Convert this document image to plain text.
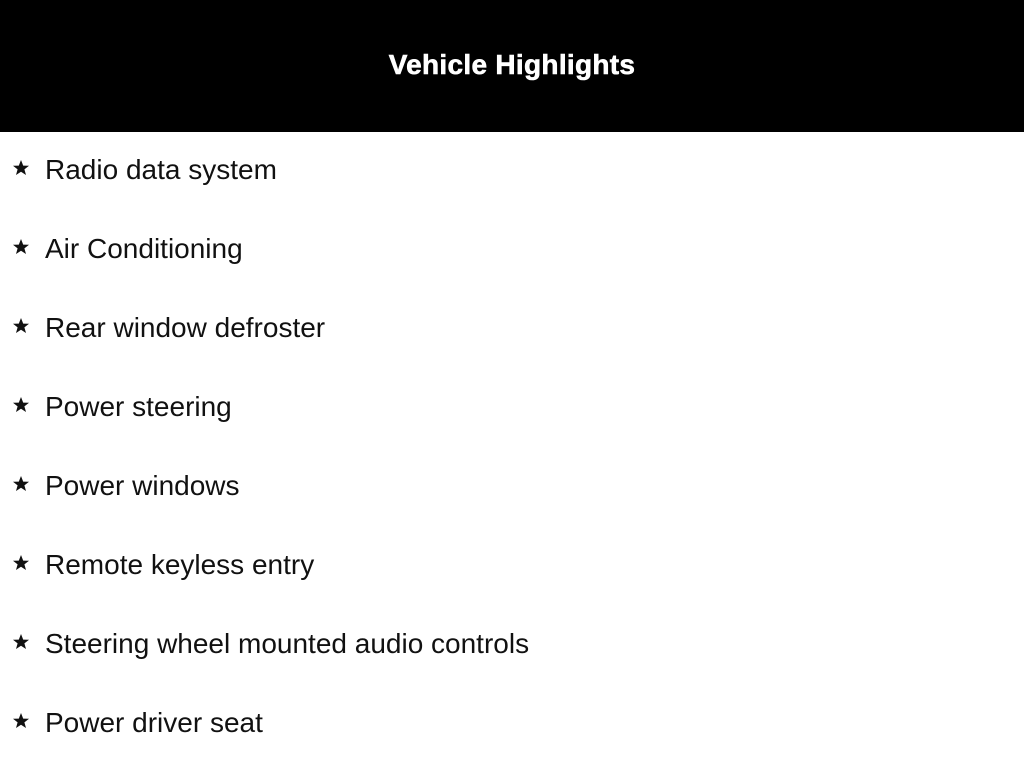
Vehicle Highlights
Radio data system
Air Conditioning
Rear window defroster
Power steering
Power windows
Remote keyless entry
Steering wheel mounted audio controls
Power driver seat
